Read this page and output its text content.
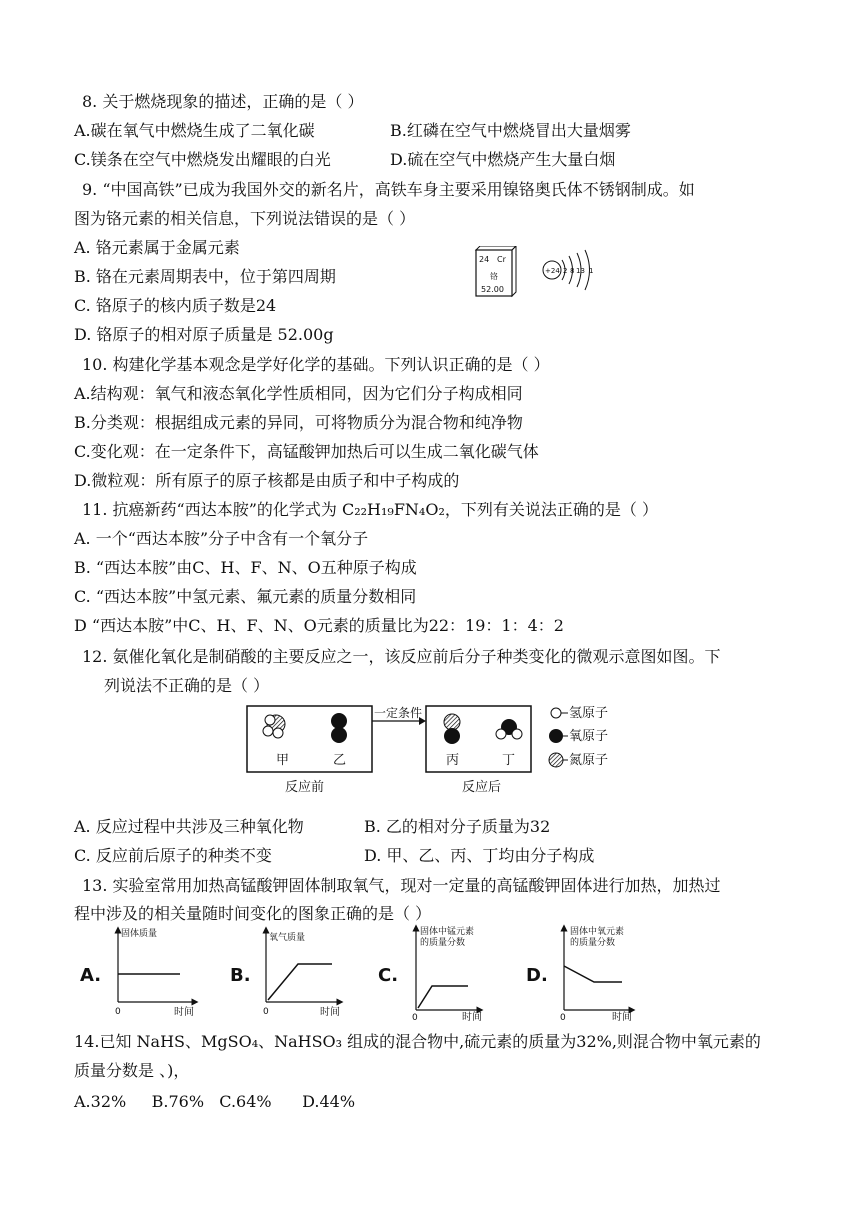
8. 关于燃烧现象的描述，正确的是（ ）
A.碳在氧气中燃烧生成了二氧化碳	B.红磷在空气中燃烧冒出大量烟雾
C.镁条在空气中燃烧发出耀眼的白光	D.硫在空气中燃烧产生大量白烟
9. “中国高铁”已成为我国外交的新名片，高铁车身主要采用镍铬奥氏体不锈钢制成。如
图为铬元素的相关信息，下列说法错误的是（ ）
A. 铬元素属于金属元素
B. 铬在元素周期表中，位于第四周期
C. 铬原子的核内质子数是24
D. 铬原子的相对原子质量是 52.00g
24 Cr
铬
52.00
+24 2 8 13 1
10. 构建化学基本观念是学好化学的基础。下列认识正确的是（ ）
A.结构观：氧气和液态氧化学性质相同，因为它们分子构成相同
B.分类观：根据组成元素的异同，可将物质分为混合物和纯净物
C.变化观：在一定条件下，高锰酸钾加热后可以生成二氧化碳气体
D.微粒观：所有原子的原子核都是由质子和中子构成的
11. 抗癌新药“西达本胺”的化学式为 C₂₂H₁₉FN₄O₂，下列有关说法正确的是（ ）
A. 一个“西达本胺”分子中含有一个氧分子
B. “西达本胺”由C、H、F、N、O五种原子构成
C. “西达本胺”中氢元素、氟元素的质量分数相同
D “西达本胺”中C、H、F、N、O元素的质量比为22：19：1：4：2
12. 氨催化氧化是制硝酸的主要反应之一，该反应前后分子种类变化的微观示意图如图。下
列说法不正确的是（ ）
一定条件
甲	乙	丙	丁
反应前	反应后
氢原子
氧原子
氮原子
A. 反应过程中共涉及三种氧化物	B. 乙的相对分子质量为32
C. 反应前后原子的种类不变	D. 甲、乙、丙、丁均由分子构成
13. 实验室常用加热高锰酸钾固体制取氧气，现对一定量的高锰酸钾固体进行加热，加热过
程中涉及的相关量随时间变化的图象正确的是（ ）
A.
固体质量
0	时间
B.
氧气质量
0	时间
C.
固体中锰元素
的质量分数
0	时间
D.
固体中氧元素
的质量分数
0	时间
14.已知 NaHS、MgSO₄、NaHSO₃ 组成的混合物中,硫元素的质量为32%,则混合物中氧元素的
质量分数是 、)，
A.32%     B.76%   C.64%      D.44%
